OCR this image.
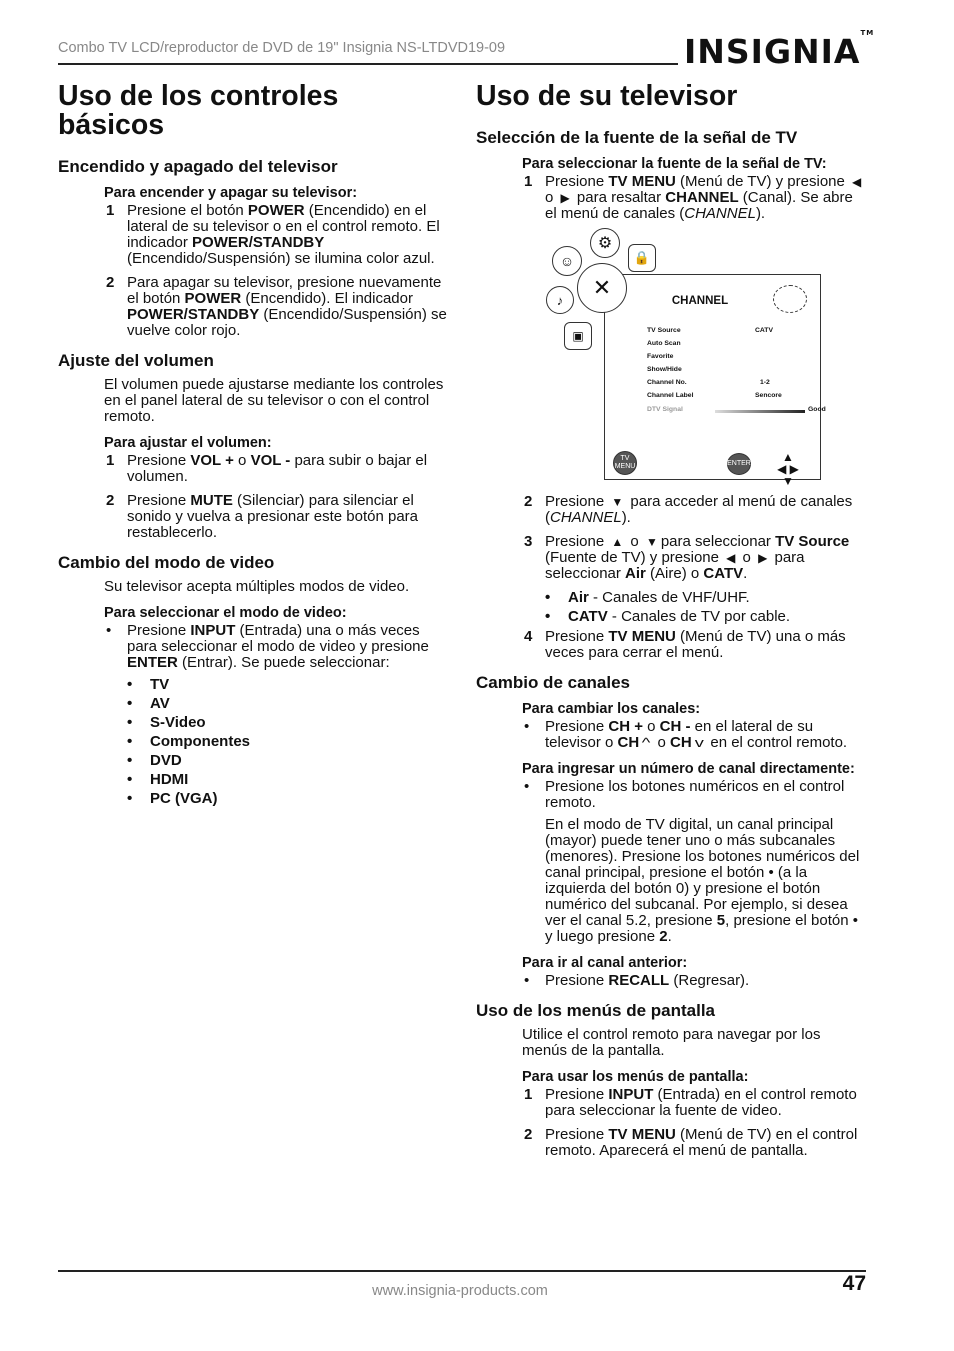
Combo TV LCD/reproductor de DVD de 19" Insignia NS-LTDVD19-09	INSIGNIA™
Uso de los controles básicos
Encendido y apagado del televisor
Para encender y apagar su televisor:
1 Presione el botón POWER (Encendido) en el lateral de su televisor o en el control remoto. El indicador POWER/STANDBY (Encendido/Suspensión) se ilumina color azul.
2 Para apagar su televisor, presione nuevamente el botón POWER (Encendido). El indicador POWER/STANDBY (Encendido/Suspensión) se vuelve color rojo.
Ajuste del volumen
El volumen puede ajustarse mediante los controles en el panel lateral de su televisor o con el control remoto.
Para ajustar el volumen:
1 Presione VOL + o VOL - para subir o bajar el volumen.
2 Presione MUTE (Silenciar) para silenciar el sonido y vuelva a presionar este botón para restablecerlo.
Cambio del modo de video
Su televisor acepta múltiples modos de video.
Para seleccionar el modo de video:
• Presione INPUT (Entrada) una o más veces para seleccionar el modo de video y presione ENTER (Entrar). Se puede seleccionar:
• TV
• AV
• S-Video
• Componentes
• DVD
• HDMI
• PC (VGA)
Uso de su televisor
Selección de la fuente de la señal de TV
Para seleccionar la fuente de la señal de TV:
1 Presione TV MENU (Menú de TV) y presione ◀ o ▶ para resaltar CHANNEL (Canal). Se abre el menú de canales (CHANNEL).
☺
⚙
🔒
♪
▣
CHANNEL
✕
TV Source	CATV
Auto Scan
Favorite
Show/Hide
Channel No.	1-2
Channel Label	Sencore
DTV Signal	Good
TV MENU	ENTER	▲
◀ ▶
▼
2 Presione ▼ para acceder al menú de canales (CHANNEL).
3 Presione ▲ o ▼ para seleccionar TV Source (Fuente de TV) y presione ◀ o ▶ para seleccionar Air (Aire) o CATV.
• Air - Canales de VHF/UHF.
• CATV - Canales de TV por cable.
4 Presione TV MENU (Menú de TV) una o más veces para cerrar el menú.
Cambio de canales
Para cambiar los canales:
• Presione CH + o CH - en el lateral de su televisor o CH ^ o CH v en el control remoto.
Para ingresar un número de canal directamente:
• Presione los botones numéricos en el control remoto.
En el modo de TV digital, un canal principal (mayor) puede tener uno o más subcanales (menores). Presione los botones numéricos del canal principal, presione el botón • (a la izquierda del botón 0) y presione el botón numérico del subcanal. Por ejemplo, si desea ver el canal 5.2, presione 5, presione el botón • y luego presione 2.
Para ir al canal anterior:
• Presione RECALL (Regresar).
Uso de los menús de pantalla
Utilice el control remoto para navegar por los menús de la pantalla.
Para usar los menús de pantalla:
1 Presione INPUT (Entrada) en el control remoto para seleccionar la fuente de video.
2 Presione TV MENU (Menú de TV) en el control remoto. Aparecerá el menú de pantalla.
www.insignia-products.com	47
